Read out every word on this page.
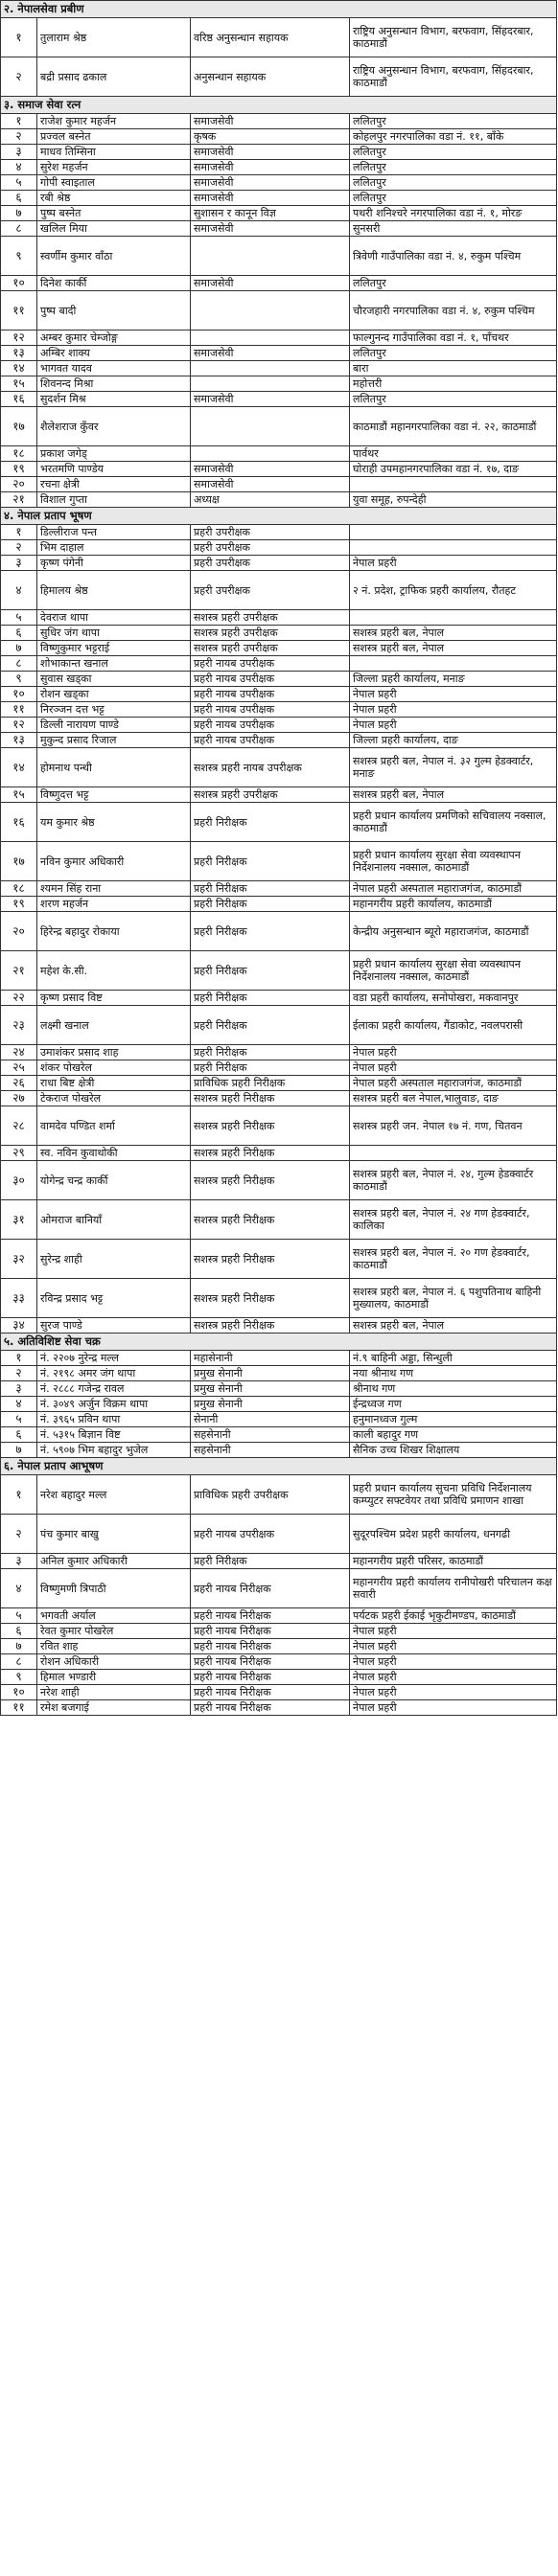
२. नेपालसेवा प्रबीण			
१	तुलाराम श्रेष्ठ	वरिष्ठ अनुसन्धान सहायक	राष्ट्रिय अनुसन्धान विभाग, बरफवाग, सिंहदरबार, काठमाडौं
२	बद्री प्रसाद ढकाल	अनुसन्धान सहायक	राष्ट्रिय अनुसन्धान विभाग, बरफवाग, सिंहदरबार, काठमाडौं
३. समाज सेवा रत्न			
१	राजेश कुमार महर्जन	समाजसेवी	ललितपुर
२	प्रज्वल बस्नेत	कृषक	कोहलपुर नगरपालिका वडा नं. ११, बाँके
३	माधव तिम्सिना	समाजसेवी	ललितपुर
४	सुरेश महर्जन	समाजसेवी	ललितपुर
५	गोपी स्वाइताल	समाजसेवी	ललितपुर
६	रबी श्रेष्ठ	समाजसेवी	ललितपुर
७	पुष्प बस्नेत	सुशासन र कानून विज्ञ	पथरी शनिश्चरे नगरपालिका वडा नं. १, मोरङ
८	खलिल मिया	समाजसेवी	सुनसरी
९	स्वर्णीम कुमार वाँठा		त्रिवेणी गाउँपालिका वडा नं. ४, रुकुम पश्चिम
१०	दिनेश कार्की	समाजसेवी	ललितपुर
११	पुष्प बादी		चौरजहारी नगरपालिका वडा नं. ४, रुकुम पश्चिम
१२	अम्बर कुमार चेम्जोङ्ग		फाल्गुनन्द गाउँपालिका वडा नं. १, पाँचथर
१३	अम्बिर शाक्य	समाजसेवी	ललितपुर
१४	भागवत यादव		बारा
१५	शिवनन्द मिश्रा		महोत्तरी
१६	सुदर्शन मिश्र	समाजसेवी	ललितपुर
१७	शैलेशराज कुँवर		काठमाडौं महानगरपालिका वडा नं. २२, काठमाडौं
१८	प्रकाश जगेड्		पार्वथर
१९	भरतमणि पाण्डेय	समाजसेवी	घोराही उपमहानगरपालिका वडा नं. १७, दाङ
२०	रचना क्षेत्री	समाजसेवी	
२१	विशाल गुप्ता	अध्यक्ष	युवा समूह, रुपन्देही
४. नेपाल प्रताप भूषण			
१	डिल्लीराज पन्त	प्रहरी उपरीक्षक	
२	भिम दाहाल	प्रहरी उपरीक्षक	
३	कृष्ण पंगेनी	प्रहरी उपरीक्षक	नेपाल प्रहरी
४	हिमालय श्रेष्ठ	प्रहरी उपरीक्षक	२ नं. प्रदेश, ट्राफिक प्रहरी कार्यालय, रौतहट
५	देवराज थापा	सशस्त्र प्रहरी उपरीक्षक	
६	सुधिर जंग थापा	सशस्त्र प्रहरी उपरीक्षक	सशस्त्र प्रहरी बल, नेपाल
७	विष्णुकुमार भट्टराई	सशस्त्र प्रहरी उपरीक्षक	सशस्त्र प्रहरी बल, नेपाल
८	शोभाकान्त खनाल	प्रहरी नायब उपरीक्षक	
९	सुवास खड्का	प्रहरी नायब उपरीक्षक	जिल्ला प्रहरी कार्यालय, मनाङ
१०	रोशन खड्का	प्रहरी नायब उपरीक्षक	नेपाल प्रहरी
११	निरञ्जन दत्त भट्ट	प्रहरी नायब उपरीक्षक	नेपाल प्रहरी
१२	डिल्ली नारायण पाण्डे	प्रहरी नायब उपरीक्षक	नेपाल प्रहरी
१३	मुकुन्द प्रसाद रिजाल	प्रहरी नायब उपरीक्षक	जिल्ला प्रहरी कार्यालय, दाङ
१४	होमनाथ पन्थी	सशस्त्र प्रहरी नायब उपरीक्षक	सशस्त्र प्रहरी बल, नेपाल नं. ३२ गुल्म हेडक्वार्टर, मनाङ
१५	विष्णुदत्त भट्ट	सशस्त्र प्रहरी उपरीक्षक	सशस्त्र प्रहरी बल, नेपाल
१६	यम कुमार श्रेष्ठ	प्रहरी निरीक्षक	प्रहरी प्रधान कार्यालय प्रमणिको सचिवालय नक्साल, काठमाडौं
१७	नविन कुमार अधिकारी	प्रहरी निरीक्षक	प्रहरी प्रधान कार्यालय सुरक्षा सेवा व्यवस्थापन निर्देशनालय नक्साल, काठमाडौं
१८	श्यमन सिंह राना	प्रहरी निरीक्षक	नेपाल प्रहरी अस्पताल महाराजगंज, काठमाडौं
१९	शरण महर्जन	प्रहरी निरीक्षक	महानगरीय प्रहरी कार्यालय, काठमाडौं
२०	हिरेन्द्र बहादुर रोकाया	प्रहरी निरीक्षक	केन्द्रीय अनुसन्धान ब्यूरो महाराजगंज, काठमाडौं
२१	महेश के.सी.	प्रहरी निरीक्षक	प्रहरी प्रधान कार्यालय सुरक्षा सेवा व्यवस्थापन निर्देशनालय नक्साल, काठमाडौं
२२	कृष्ण प्रसाद विष्ट	प्रहरी निरीक्षक	वडा प्रहरी कार्यालय, सनोपोखरा, मकवानपुर
२३	लक्ष्मी खनाल	प्रहरी निरीक्षक	ईलाका प्रहरी कार्यालय, गैंडाकोट, नवलपरासी
२४	उमाशंकर प्रसाद शाह	प्रहरी निरीक्षक	नेपाल प्रहरी
२५	शंकर पोखरेल	प्रहरी निरीक्षक	नेपाल प्रहरी
२६	राधा बिष्ट क्षेत्री	प्राविधिक प्रहरी निरीक्षक	नेपाल प्रहरी अस्पताल महाराजगंज, काठमाडौं
२७	टेकराज पोखरेल	सशस्त्र प्रहरी निरीक्षक	सशस्त्र प्रहरी बल नेपाल,भालुवाङ, दाङ
२८	वामदेव पण्डित शर्मा	सशस्त्र प्रहरी निरीक्षक	सशस्त्र प्रहरी जन. नेपाल १७ नं. गण, चितवन
२९	स्व. नविन कुवाथोकी	सशस्त्र प्रहरी निरीक्षक	
३०	योगेन्द्र चन्द्र कार्की	सशस्त्र प्रहरी निरीक्षक	सशस्त्र प्रहरी बल, नेपाल नं. २४, गुल्म हेडक्वार्टर काठमाडौं
३१	ओमराज बानियाँ	सशस्त्र प्रहरी निरीक्षक	सशस्त्र प्रहरी बल, नेपाल नं. २४ गण हेडक्वार्टर, कालिका
३२	सुरेन्द्र शाही	सशस्त्र प्रहरी निरीक्षक	सशस्त्र प्रहरी बल, नेपाल नं. २० गण हेडक्वार्टर, काठमाडौं
३३	रविन्द्र प्रसाद भट्ट	सशस्त्र प्रहरी निरीक्षक	सशस्त्र प्रहरी बल, नेपाल नं. ६ पशुपतिनाथ बाहिनी मुख्यालय, काठमाडौं
३४	सुरज पाण्डे	सशस्त्र प्रहरी निरीक्षक	सशस्त्र प्रहरी बल, नेपाल
५. अतिविशिष्ट सेवा चक्र			
१	नं. २२०७ नुरेन्द्र मल्ल	महासेनानी	नं.९ बाहिनी अड्डा, सिन्धुली
२	नं. २१९८ अमर जंग थापा	प्रमुख सेनानी	नया श्रीनाथ गण
३	नं. २८८८ गजेन्द्र रावल	प्रमुख सेनानी	श्रीनाथ गण
४	नं. ३०४९ अर्जुन विक्रम थापा	प्रमुख सेनानी	ईन्द्रध्वज गण
५	नं. ३९६५ प्रविन थापा	सेनानी	हनुमानध्वज गुल्म
६	नं. ५३१५ बिज्ञान विष्ट	सहसेनानी	काली बहादुर गण
७	नं. ५९०७ भिम बहादुर भुजेल	सहसेनानी	सैनिक उच्च शिखर शिक्षालय
६. नेपाल प्रताप आभूषण			
१	नरेश बहादुर मल्ल	प्राविधिक प्रहरी उपरीक्षक	प्रहरी प्रधान कार्यालय सुचना प्रविधि निर्देशनालय कम्प्युटर सफ्टवेयर तथा प्रविधि प्रमाणन शाखा
२	पंच कुमार बाखु	प्रहरी नायब उपरीक्षक	सुदूरपश्चिम प्रदेश प्रहरी कार्यालय, धनगढी
३	अनिल कुमार अधिकारी	प्रहरी निरीक्षक	महानगरीय प्रहरी परिसर, काठमाडौं
४	विष्णुमणी त्रिपाठी	प्रहरी नायब निरीक्षक	महानगरीय प्रहरी कार्यालय रानीपोखरी परिचालन कक्ष सवारी
५	भगवती अर्याल	प्रहरी नायब निरीक्षक	पर्यटक प्रहरी ईकाई भृकुटीमण्डप, काठमाडौं
६	रेवत कुमार पोखरेल	प्रहरी नायब निरीक्षक	नेपाल प्रहरी
७	रवित शाह	प्रहरी नायब निरीक्षक	नेपाल प्रहरी
८	रोशन अधिकारी	प्रहरी नायब निरीक्षक	नेपाल प्रहरी
९	हिमाल भण्डारी	प्रहरी नायब निरीक्षक	नेपाल प्रहरी
१०	नरेश शाही	प्रहरी नायब निरीक्षक	नेपाल प्रहरी
११	रमेश बजगाई	प्रहरी नायब निरीक्षक	नेपाल प्रहरी
